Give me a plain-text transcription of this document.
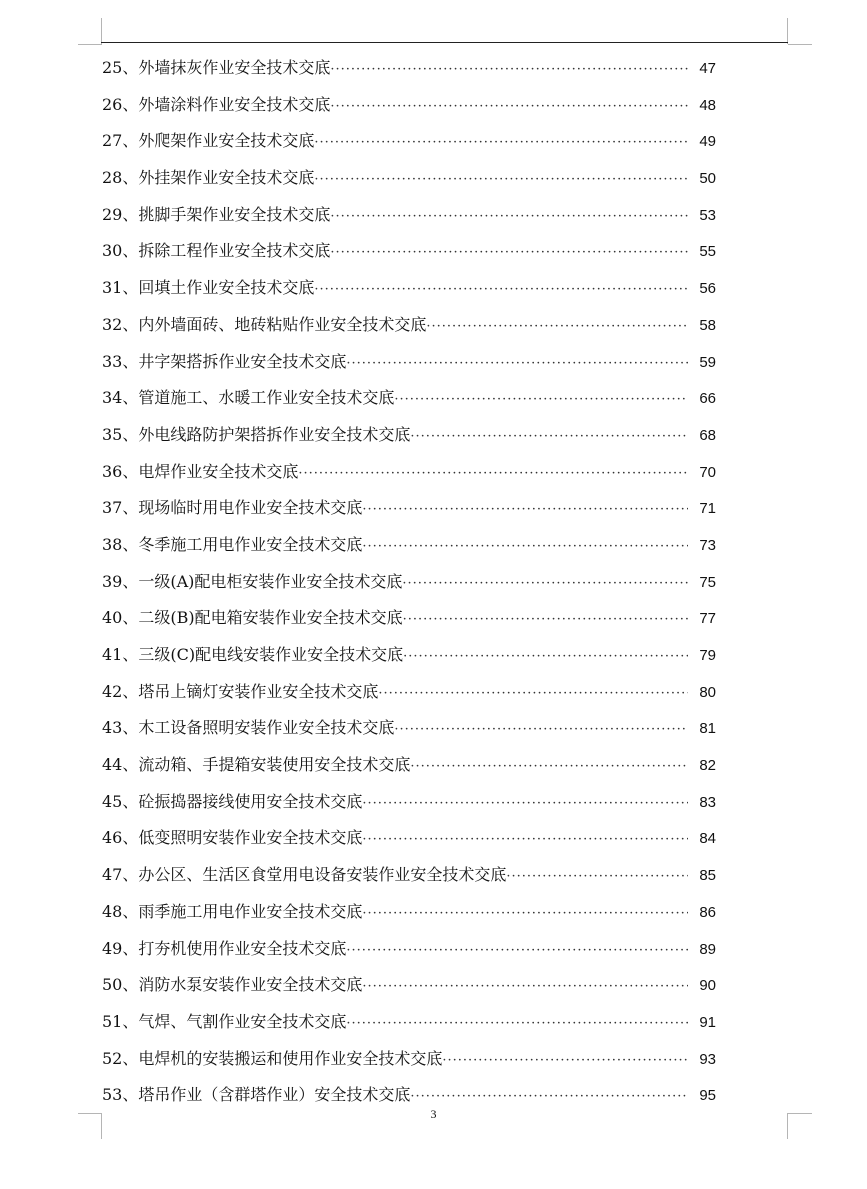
25、外墙抹灰作业安全技术交底 ·····	47
26、外墙涂料作业安全技术交底 ·····	48
27、外爬架作业安全技术交底 ·····	49
28、外挂架作业安全技术交底 ·····	50
29、挑脚手架作业安全技术交底 ·····	53
30、拆除工程作业安全技术交底 ·····	55
31、回填土作业安全技术交底 ·····	56
32、内外墙面砖、地砖粘贴作业安全技术交底 ·····	58
33、井字架搭拆作业安全技术交底 ·····	59
34、管道施工、水暖工作业安全技术交底 ·····	66
35、外电线路防护架搭拆作业安全技术交底 ·····	68
36、电焊作业安全技术交底 ·····	70
37、现场临时用电作业安全技术交底 ·····	71
38、冬季施工用电作业安全技术交底 ·····	73
39、一级(A)配电柜安装作业安全技术交底 ·····	75
40、二级(B)配电箱安装作业安全技术交底 ·····	77
41、三级(C)配电线安装作业安全技术交底 ·····	79
42、塔吊上镝灯安装作业安全技术交底 ·····	80
43、木工设备照明安装作业安全技术交底 ·····	81
44、流动箱、手提箱安装使用安全技术交底 ·····	82
45、砼振捣器接线使用安全技术交底 ·····	83
46、低变照明安装作业安全技术交底 ·····	84
47、办公区、生活区食堂用电设备安装作业安全技术交底 ·····	85
48、雨季施工用电作业安全技术交底 ·····	86
49、打夯机使用作业安全技术交底 ·····	89
50、消防水泵安装作业安全技术交底 ·····	90
51、气焊、气割作业安全技术交底 ·····	91
52、电焊机的安装搬运和使用作业安全技术交底 ·····	93
53、塔吊作业（含群塔作业）安全技术交底 ·····	95
3
